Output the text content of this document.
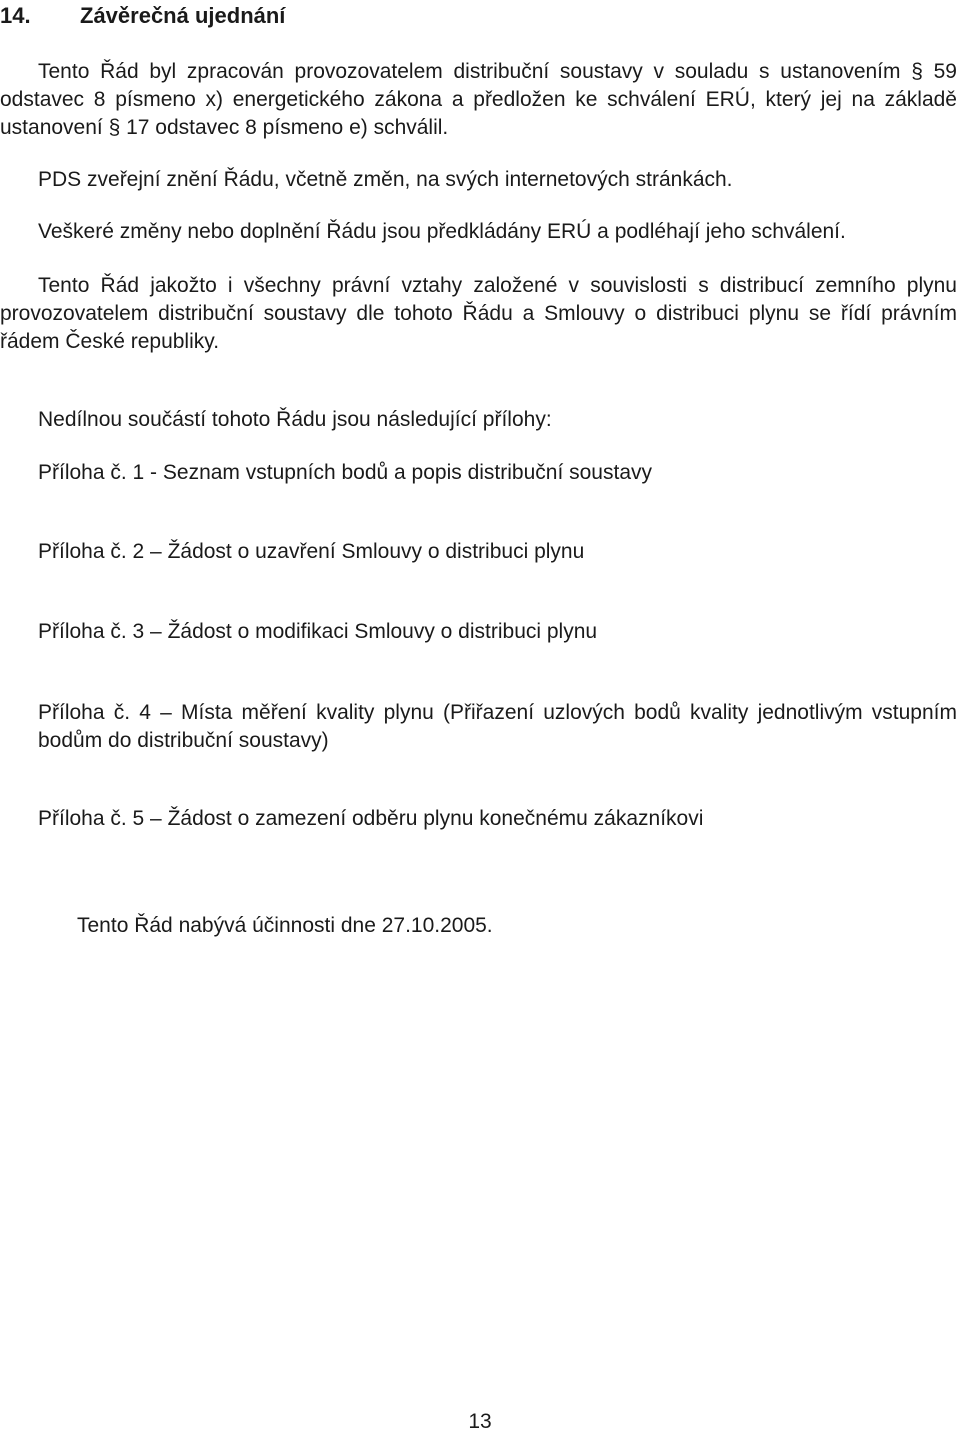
14. Závěrečná ujednání
Tento Řád byl zpracován provozovatelem distribuční soustavy v souladu s ustanovením § 59 odstavec 8 písmeno x) energetického zákona a předložen ke schválení ERÚ, který jej na základě ustanovení § 17 odstavec 8 písmeno e) schválil.
PDS zveřejní znění Řádu, včetně změn, na svých internetových stránkách.
Veškeré změny nebo doplnění Řádu jsou předkládány ERÚ a podléhají jeho schválení.
Tento Řád jakožto i všechny právní vztahy založené v souvislosti s distribucí zemního plynu provozovatelem distribuční soustavy dle tohoto Řádu a Smlouvy o distribuci plynu se řídí právním řádem České republiky.
Nedílnou součástí tohoto Řádu jsou následující přílohy:
Příloha č. 1 - Seznam vstupních bodů a popis distribuční soustavy
Příloha č. 2 – Žádost o uzavření Smlouvy o distribuci plynu
Příloha č. 3 – Žádost o modifikaci Smlouvy o distribuci plynu
Příloha č. 4 – Místa měření kvality plynu (Přiřazení uzlových bodů kvality jednotlivým vstupním bodům do distribuční soustavy)
Příloha č. 5 – Žádost o zamezení odběru plynu konečnému zákazníkovi
Tento Řád nabývá účinnosti dne 27.10.2005.
13
